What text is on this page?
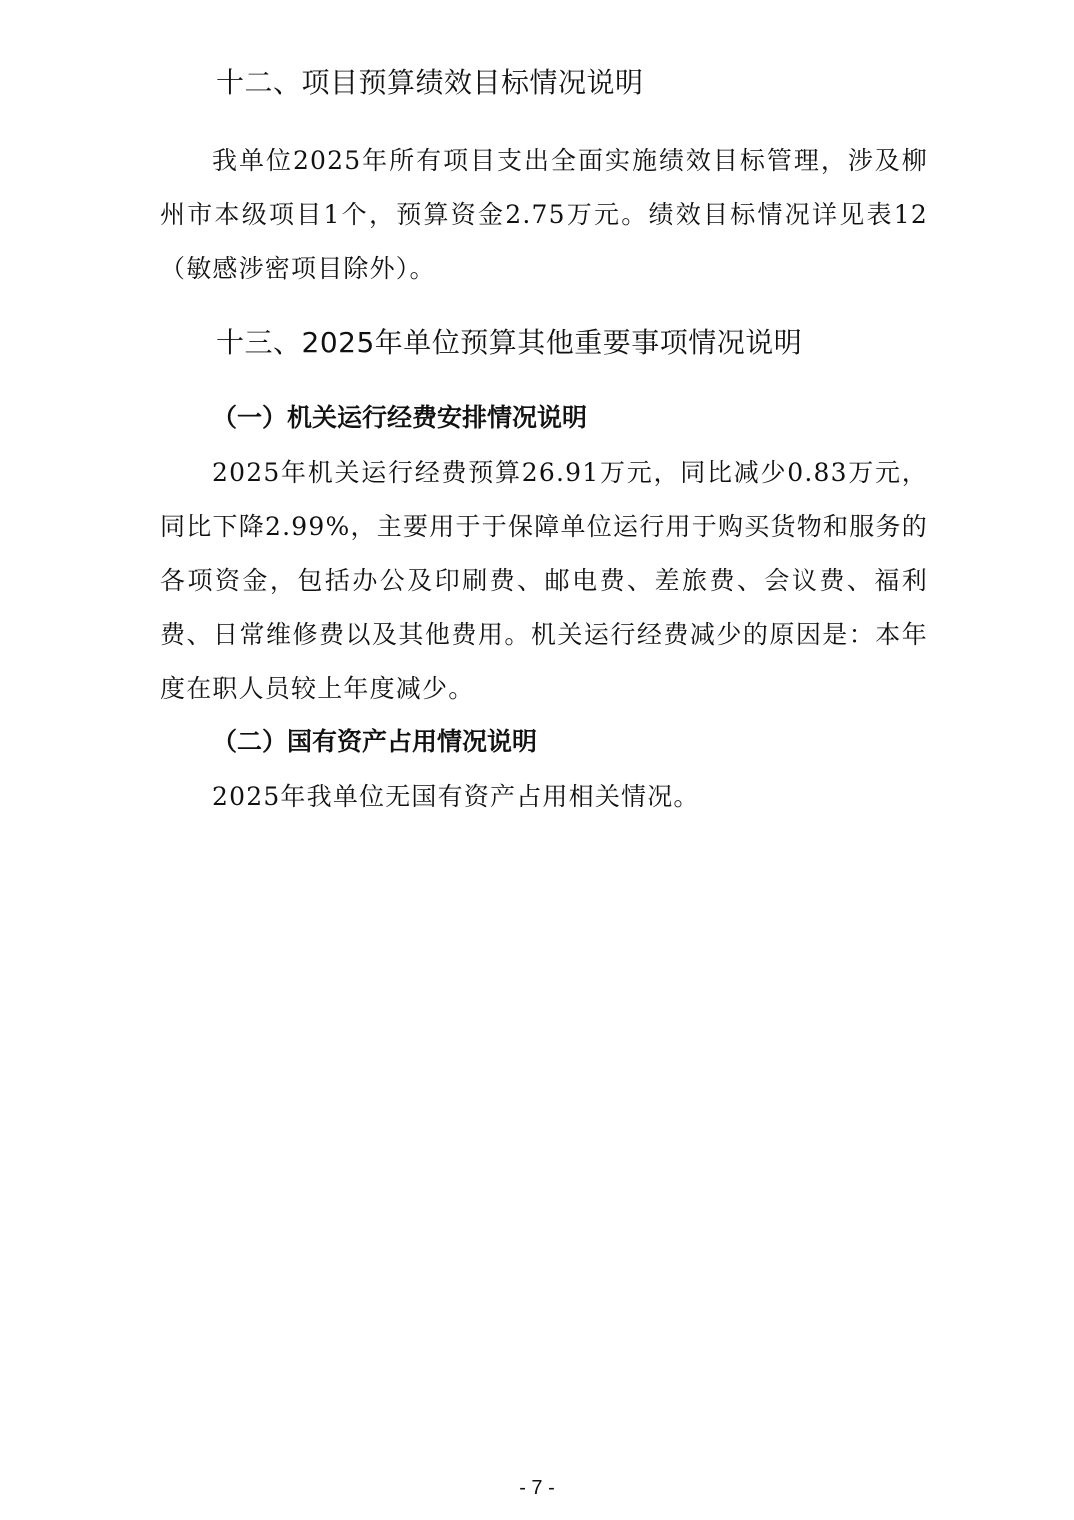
十二、项目预算绩效目标情况说明
我单位2025年所有项目支出全面实施绩效目标管理，涉及柳州市本级项目1个，预算资金2.75万元。绩效目标情况详见表12（敏感涉密项目除外）。
十三、2025年单位预算其他重要事项情况说明
（一）机关运行经费安排情况说明
2025年机关运行经费预算26.91万元，同比减少0.83万元，同比下降2.99%，主要用于于保障单位运行用于购买货物和服务的各项资金，包括办公及印刷费、邮电费、差旅费、会议费、福利费、日常维修费以及其他费用。机关运行经费减少的原因是：本年度在职人员较上年度减少。
（二）国有资产占用情况说明
2025年我单位无国有资产占用相关情况。
- 7 -
